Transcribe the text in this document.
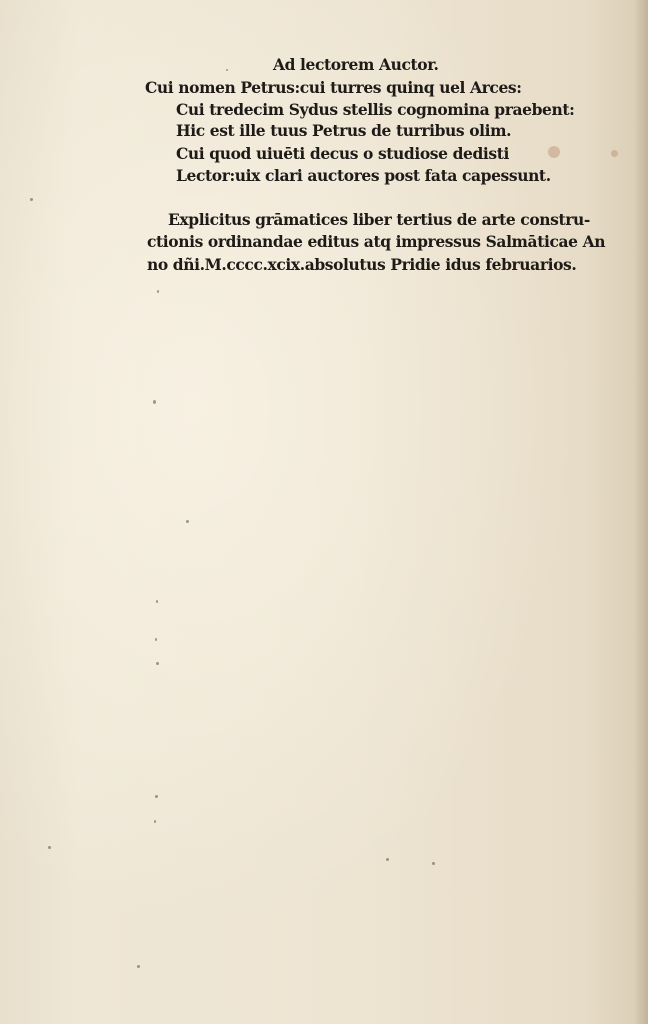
Ad lectorem Auctor.
Cui nomen Petrus:cui turres quinq uel Arces:
Cui tredecim Sydus stellis cognomina praebent:
Hic est ille tuus Petrus de turribus olim.
Cui quod uiuēti decus o studiose dedisti
Lector:uix clari auctores post fata capessunt.
Explicitus grāmatices liber tertius de arte constru-
ctionis ordinandae editus atq impressus Salmāticae An
no dñi.M.cccc.xcix.absolutus Pridie idus februarios.
